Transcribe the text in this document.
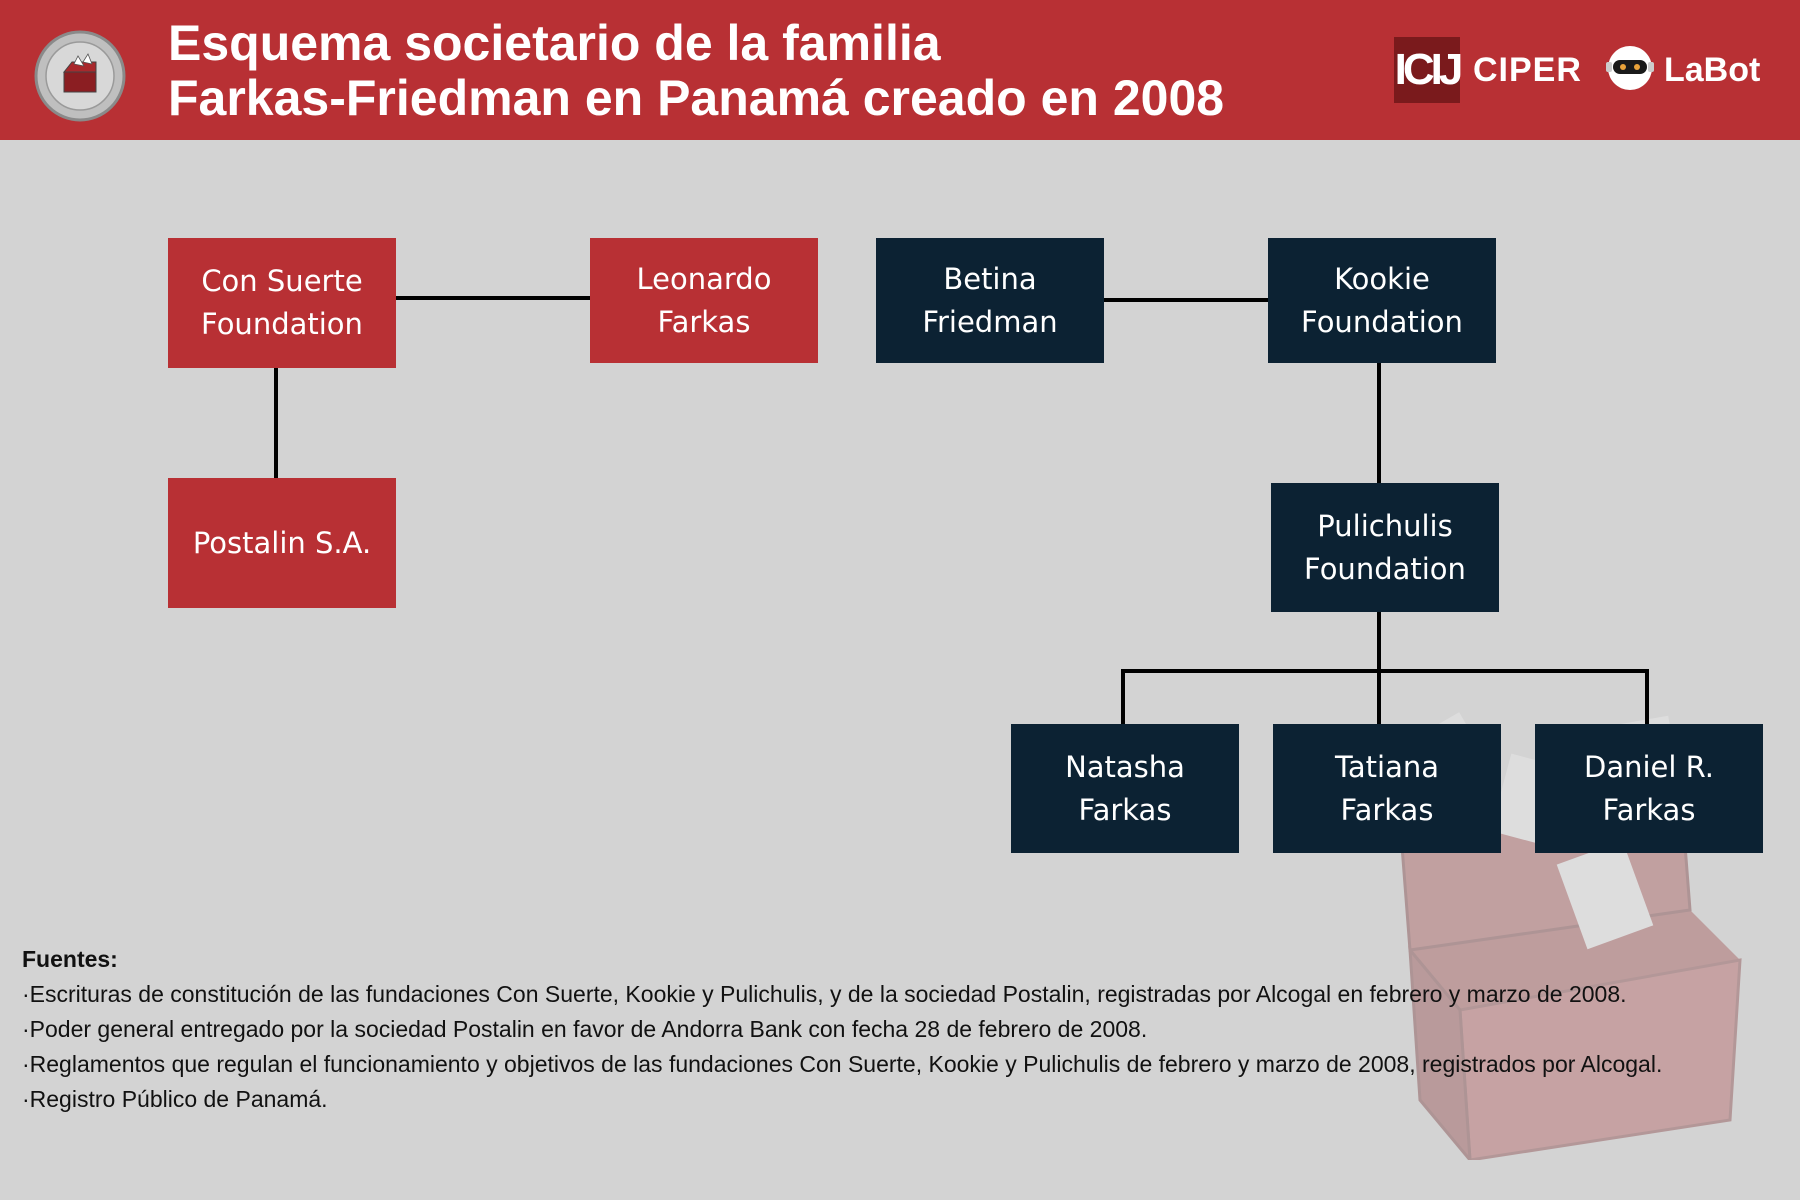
Esquema societario de la familia
Farkas-Friedman en Panamá creado en 2008
ICIJ CIPER LaBot
Con Suerte
Foundation
Leonardo
Farkas
Postalin S.A.
Betina
Friedman
Kookie
Foundation
Pulichulis
Foundation
Natasha
Farkas
Tatiana
Farkas
Daniel R.
Farkas
Fuentes:
·Escrituras de constitución de las fundaciones Con Suerte, Kookie y Pulichulis, y de la sociedad Postalin, registradas por Alcogal en febrero y marzo de 2008.
·Poder general entregado por la sociedad Postalin en favor de Andorra Bank con fecha 28 de febrero de 2008.
·Reglamentos que regulan el funcionamiento y objetivos de las fundaciones Con Suerte, Kookie y Pulichulis de febrero y marzo de 2008, registrados por Alcogal.
·Registro Público de Panamá.
